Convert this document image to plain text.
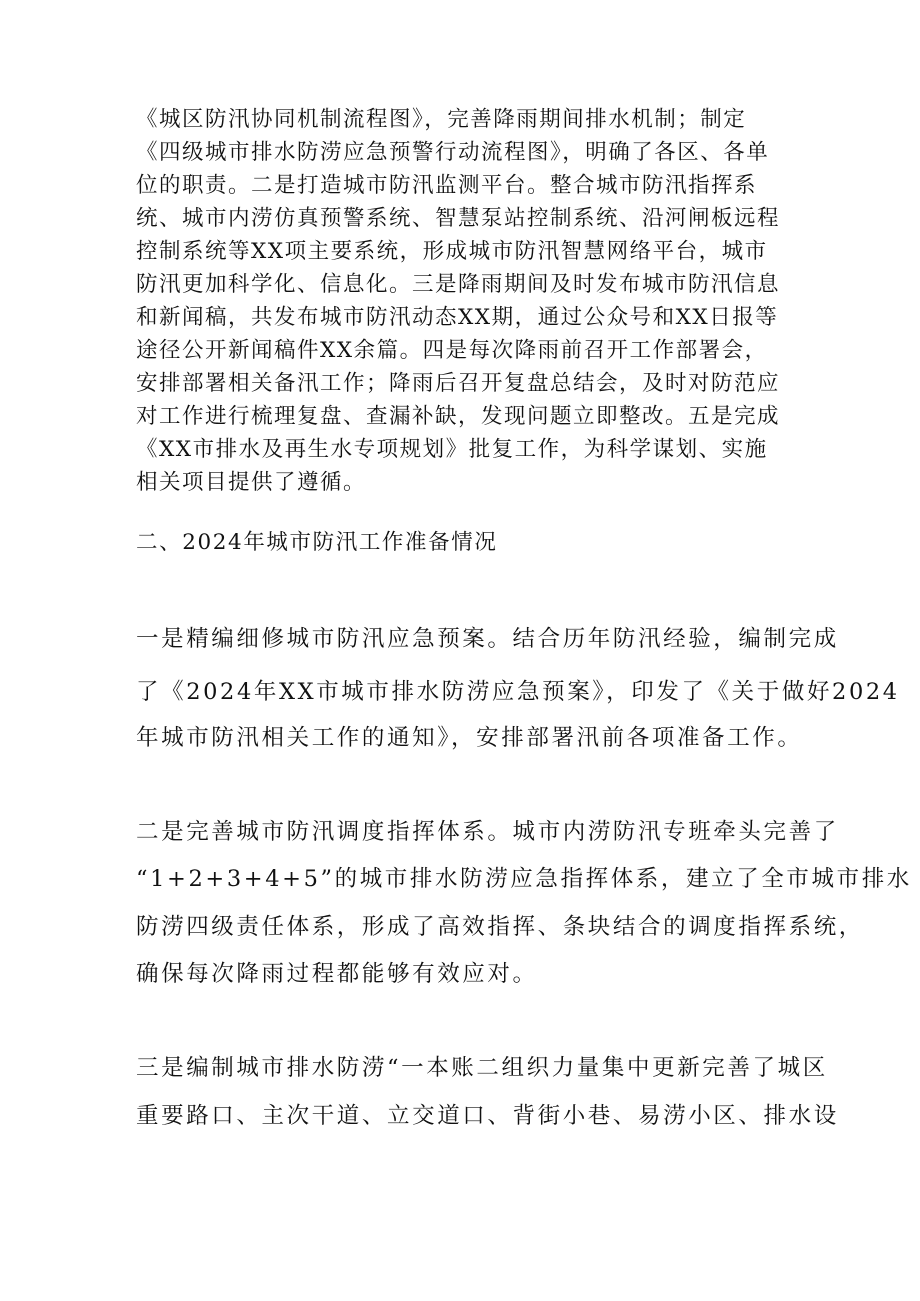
《城区防汛协同机制流程图》，完善降雨期间排水机制；制定
《四级城市排水防涝应急预警行动流程图》，明确了各区、各单
位的职责。二是打造城市防汛监测平台。整合城市防汛指挥系
统、城市内涝仿真预警系统、智慧泵站控制系统、沿河闸板远程
控制系统等XX项主要系统，形成城市防汛智慧网络平台，城市
防汛更加科学化、信息化。三是降雨期间及时发布城市防汛信息
和新闻稿，共发布城市防汛动态XX期，通过公众号和XX日报等
途径公开新闻稿件XX余篇。四是每次降雨前召开工作部署会，
安排部署相关备汛工作；降雨后召开复盘总结会，及时对防范应
对工作进行梳理复盘、查漏补缺，发现问题立即整改。五是完成
《XX市排水及再生水专项规划》批复工作，为科学谋划、实施
相关项目提供了遵循。
二、2024年城市防汛工作准备情况
一是精编细修城市防汛应急预案。结合历年防汛经验，编制完成
了《2024年XX市城市排水防涝应急预案》，印发了《关于做好2024
年城市防汛相关工作的通知》，安排部署汛前各项准备工作。
二是完善城市防汛调度指挥体系。城市内涝防汛专班牵头完善了
“1+2+3+4+5”的城市排水防涝应急指挥体系，建立了全市城市排水
防涝四级责任体系，形成了高效指挥、条块结合的调度指挥系统，
确保每次降雨过程都能够有效应对。
三是编制城市排水防涝“一本账二组织力量集中更新完善了城区
重要路口、主次干道、立交道口、背街小巷、易涝小区、排水设
